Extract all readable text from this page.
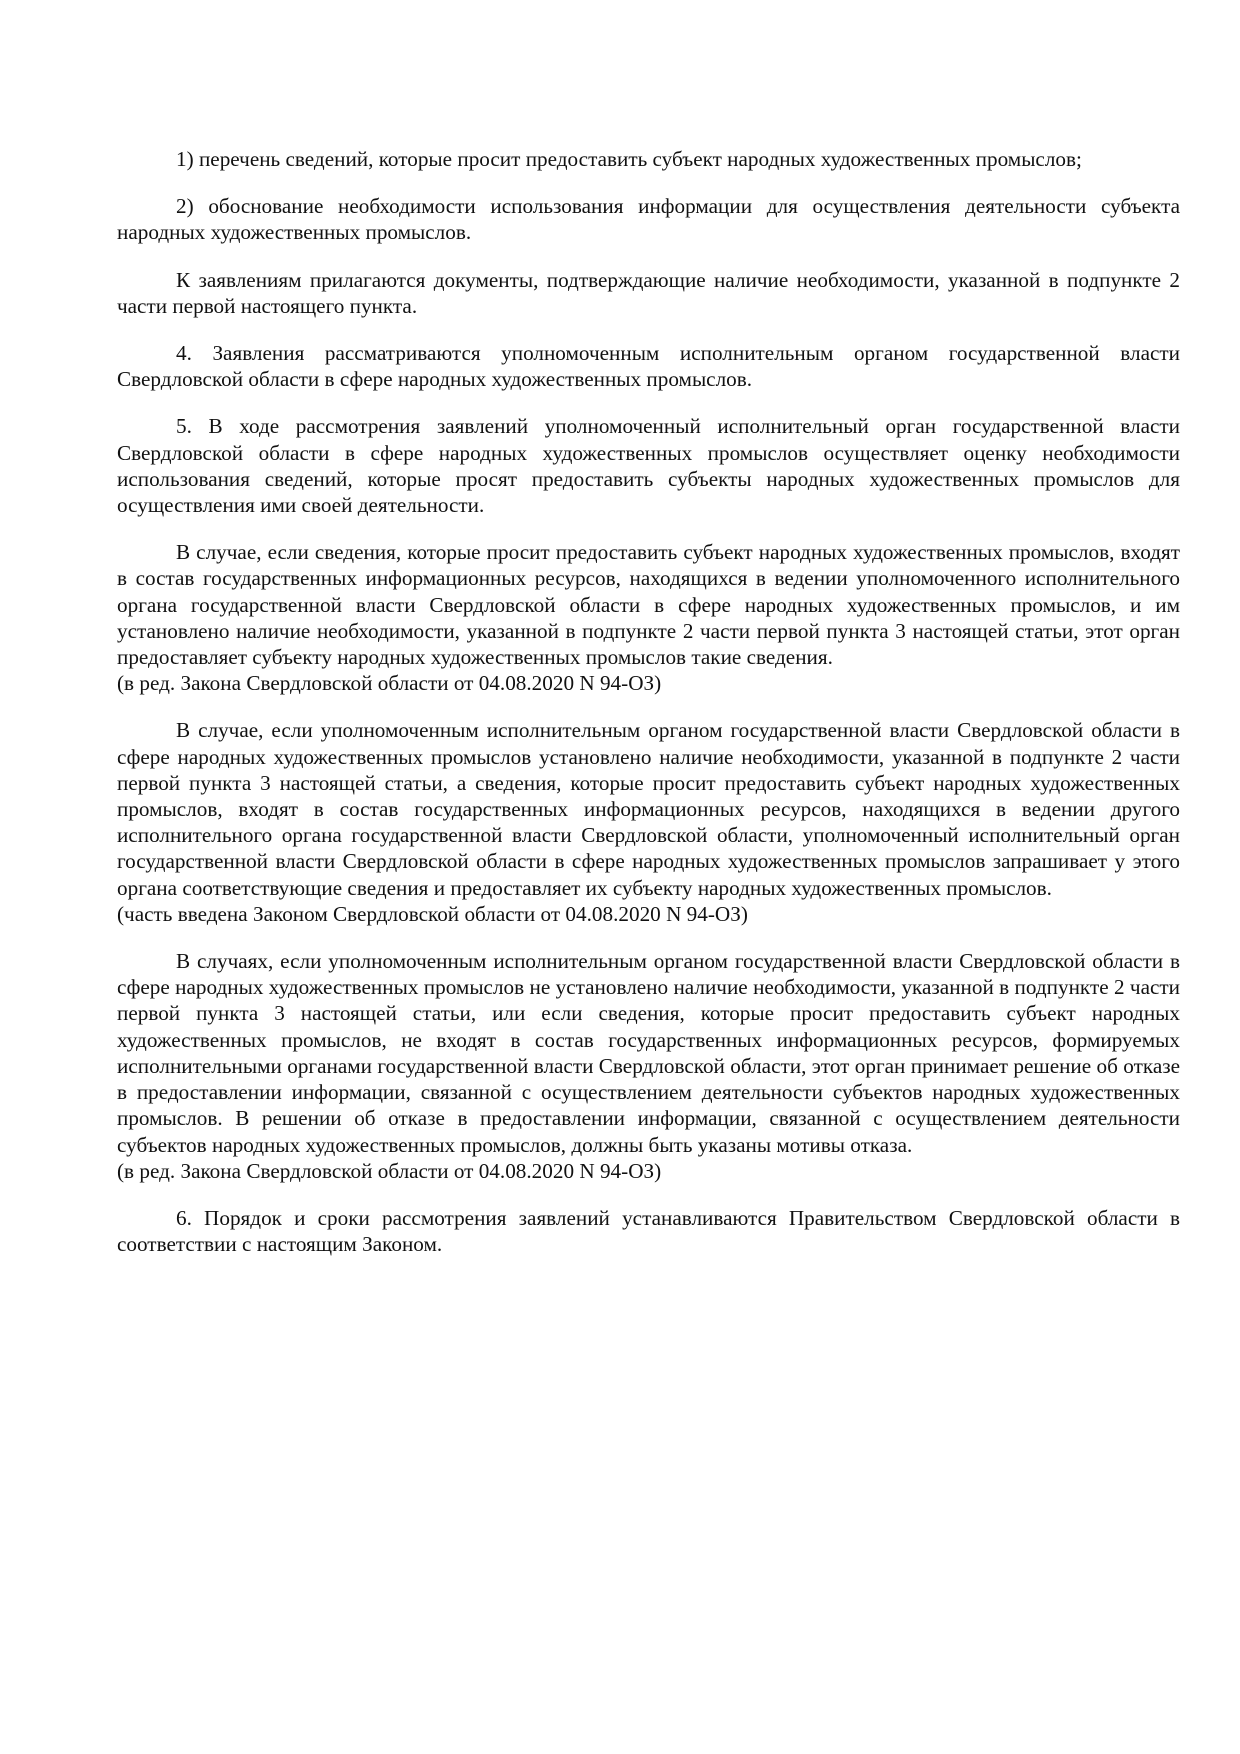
1) перечень сведений, которые просит предоставить субъект народных художественных промыслов;

2) обоснование необходимости использования информации для осуществления деятельности субъекта народных художественных промыслов.

К заявлениям прилагаются документы, подтверждающие наличие необходимости, указанной в подпункте 2 части первой настоящего пункта.

4. Заявления рассматриваются уполномоченным исполнительным органом государственной власти Свердловской области в сфере народных художественных промыслов.

5. В ходе рассмотрения заявлений уполномоченный исполнительный орган государственной власти Свердловской области в сфере народных художественных промыслов осуществляет оценку необходимости использования сведений, которые просят предоставить субъекты народных художественных промыслов для осуществления ими своей деятельности.

В случае, если сведения, которые просит предоставить субъект народных художественных промыслов, входят в состав государственных информационных ресурсов, находящихся в ведении уполномоченного исполнительного органа государственной власти Свердловской области в сфере народных художественных промыслов, и им установлено наличие необходимости, указанной в подпункте 2 части первой пункта 3 настоящей статьи, этот орган предоставляет субъекту народных художественных промыслов такие сведения.
(в ред. Закона Свердловской области от 04.08.2020 N 94-ОЗ)

В случае, если уполномоченным исполнительным органом государственной власти Свердловской области в сфере народных художественных промыслов установлено наличие необходимости, указанной в подпункте 2 части первой пункта 3 настоящей статьи, а сведения, которые просит предоставить субъект народных художественных промыслов, входят в состав государственных информационных ресурсов, находящихся в ведении другого исполнительного органа государственной власти Свердловской области, уполномоченный исполнительный орган государственной власти Свердловской области в сфере народных художественных промыслов запрашивает у этого органа соответствующие сведения и предоставляет их субъекту народных художественных промыслов.
(часть введена Законом Свердловской области от 04.08.2020 N 94-ОЗ)

В случаях, если уполномоченным исполнительным органом государственной власти Свердловской области в сфере народных художественных промыслов не установлено наличие необходимости, указанной в подпункте 2 части первой пункта 3 настоящей статьи, или если сведения, которые просит предоставить субъект народных художественных промыслов, не входят в состав государственных информационных ресурсов, формируемых исполнительными органами государственной власти Свердловской области, этот орган принимает решение об отказе в предоставлении информации, связанной с осуществлением деятельности субъектов народных художественных промыслов. В решении об отказе в предоставлении информации, связанной с осуществлением деятельности субъектов народных художественных промыслов, должны быть указаны мотивы отказа.
(в ред. Закона Свердловской области от 04.08.2020 N 94-ОЗ)

6. Порядок и сроки рассмотрения заявлений устанавливаются Правительством Свердловской области в соответствии с настоящим Законом.
